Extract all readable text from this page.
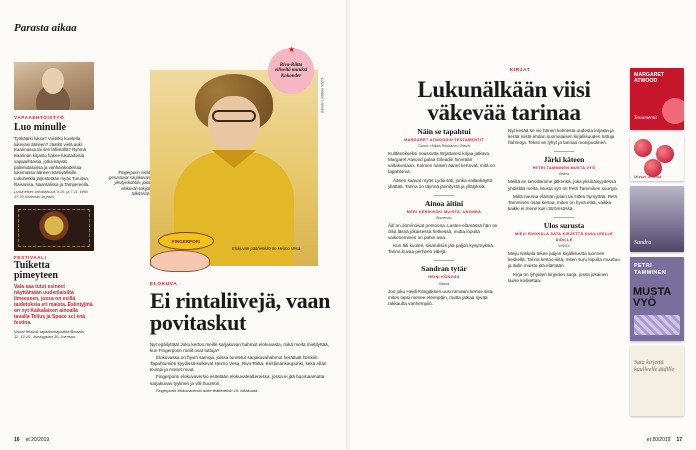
Parasta aikaa
VAPAAEHTOISTYÖ
Luo minulle
Työkäärki luksa? Voisitko kuvitella lukevasi ääneen? Jaatkö vielä auki Kaarinassa tai sen lähistöllä? Ryhmä Kaarinan kirjasto hakee lukutaitoisia vapaaehtoisia, jotka käyvät palvelutaloissa ja vanhainkodeissa lukemassa ääneen kärsivällisille. Lukuhetkiä järjestetään myös Turussa, Raisiossa, Naantalissa ja Tampereella.
Lukuhetket: infotilaisuus 9.10. ja 7.11. kello 17.30 Kaarinan kirjasto
FESTIVAALI
Tuiketta pimeyteen
Vala saa tutut esineet näyttämään uudenlaisilta ilmeeseen, jossa on esillä taidetoksia eri maista. Esiintyjinä on nyt Kaikalaisen ainoalla tavalla Tellus ja Space sci enä festina.
Visual festival: tapahtumapaikka Botania 11.-12.10., Havisgatan 30, Joensuu.
KUVA: ROBERT SEGER
★
Riva-Riitta eiliseltä muuksi Kokonder
Fingerporin roolit perustuvat sarjakuvan yksityiskohtiin, joita elokuvan tekijät tulkitsivat.
FINGERPORI
Elokuvan päähenkilö on Heimo Vesa.
ELOKUVA
Ei rintaliivejä, vaan povitaskut

Nyt epäilyttää! Joku kertoo meille sarjakuvan hahmot elokuvasta, mikä meitä mietityttää, kun Fingerporin roolit ovat tuttuja?

Elokuvassa on hyvin samoja, joissa tunnetut sarjakuvahahmot heräävät henkiin. Tapahtumien kyydissä kulkevat Heimo Vesa, Rivo-Riitta, Kristiinankaupunki, sekä Allan Kumpi ja monet muut.

Fingerporin elokuvaversio esitetään elokuvateattereissa, jossa ei jää huomaamatta sarjakuvan tyylinen ja villi huumori.

Fingerporin elokuvaversio tulee teattereihin 16. lokakuuta.

16 et 20/2019
KIRJAT
Lukunälkään viisi väkevää tarinaa
Näin se tapahtui
MARGARET ATWOODIN TESTAMENTIT
Suom. Hilkka Pekkanen Otava

Kulttiteokseksi noussutta Orjattaresi kirjaa jatkava Margaret Atwood palaa Gileadin hirveään valtakuntaan. Kolmen naisen äänet kertovat, mitä on tapahtunut.

Äänen saavat myös Lydia-täti, jonka vallankäyttö yllättää. Tarina on täynnä jännitystä ja yllätyksiä.

Ainoa äitini
MERI KERIKOSKI MUISTA, UNOHDA
Docendo

Äiti on dominoivat persoona. Lasten elämässä hän on ollut läsnä jokaisessa hetkessä, mutta lopulta vaikeneminen on pahin asia.

Kun äiti kuolee, sisaruksiin jää paljon kysymyksiä. Tarina kuvaa perheen välejä.

Sandran tytär
HEINI KÖNGÄS
Otava

Joo joku Heidi Köngäksen uusi romaani kertoo siitä, miten lapsi menee eteenpäin, mutta jatkaa syvää rakkautta vanhempiin.

Nyt kesää se vie hänen kolmesta uudesta kirjasta ja kerää niistä ehdan suomalaisen kirjallisuuden tuttuja hahmoja. Teksti on lyhyt ja tarinaa monipuolinen.

Järki käteen
PETRI TAMMINEN MUSTA VYÖ
Otava

Meillä on tahoillamme jälkensä, joka yksinäisyydessä yhdistää meitä. Musta vyö on Petri Tammisen suurtyö.

Mikä nauraa elämän jotain tai sitten hymyttää. Petri Tamminen osaa kertoa, miten on hyvä elää, vaikka kaikki ei mene kuin Strömsössä.

Ulos surusta
MIELI RUOKALA SATA KIRJETTÄ KUULLEELLE ÄIDILLE
WSOY

Meiju Niskala tekee paljon kirjallisuutta luonnon keskellä. Tarina kertoo siitä, miten suru lopulta muuttuu ja äidin muisto jää elämään.

Kirja on lyhyiden kirjeiden sarja, jossa jokainen lause koskettaa.

MARGARET ATWOOD
Testamentit
Muista, unohda
Sandra
PETRI TAMMINEN
MUSTA VYÖ
Sata kirjettä kuulleelle äidille
et 20/2019 17
